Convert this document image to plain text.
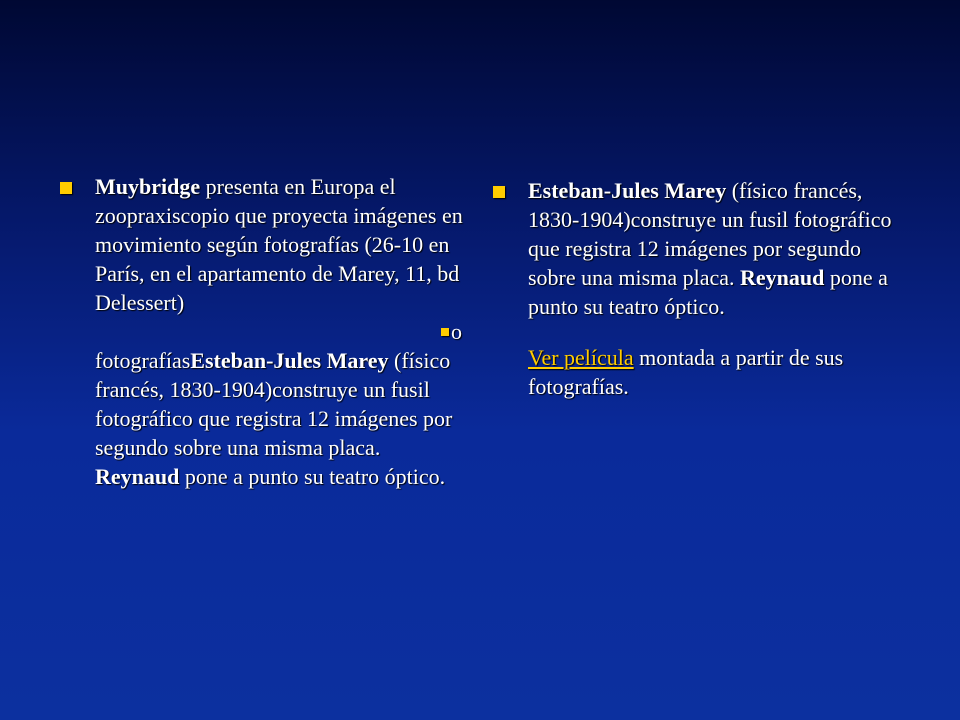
Muybridge presenta en Europa el zoopraxiscopio que proyecta imágenes en movimiento según fotografías (26-10 en París, en el apartamento de Marey, 11, bd Delessert)
o
fotografíasEsteban-Jules Marey (físico francés, 1830-1904)construye un fusil fotográfico que registra 12 imágenes por segundo sobre una misma placa. Reynaud pone a punto su teatro óptico.
Esteban-Jules Marey (físico francés, 1830-1904)construye un fusil fotográfico que registra 12 imágenes por segundo sobre una misma placa. Reynaud pone a punto su teatro óptico.
Ver película montada a partir de sus fotografías.
